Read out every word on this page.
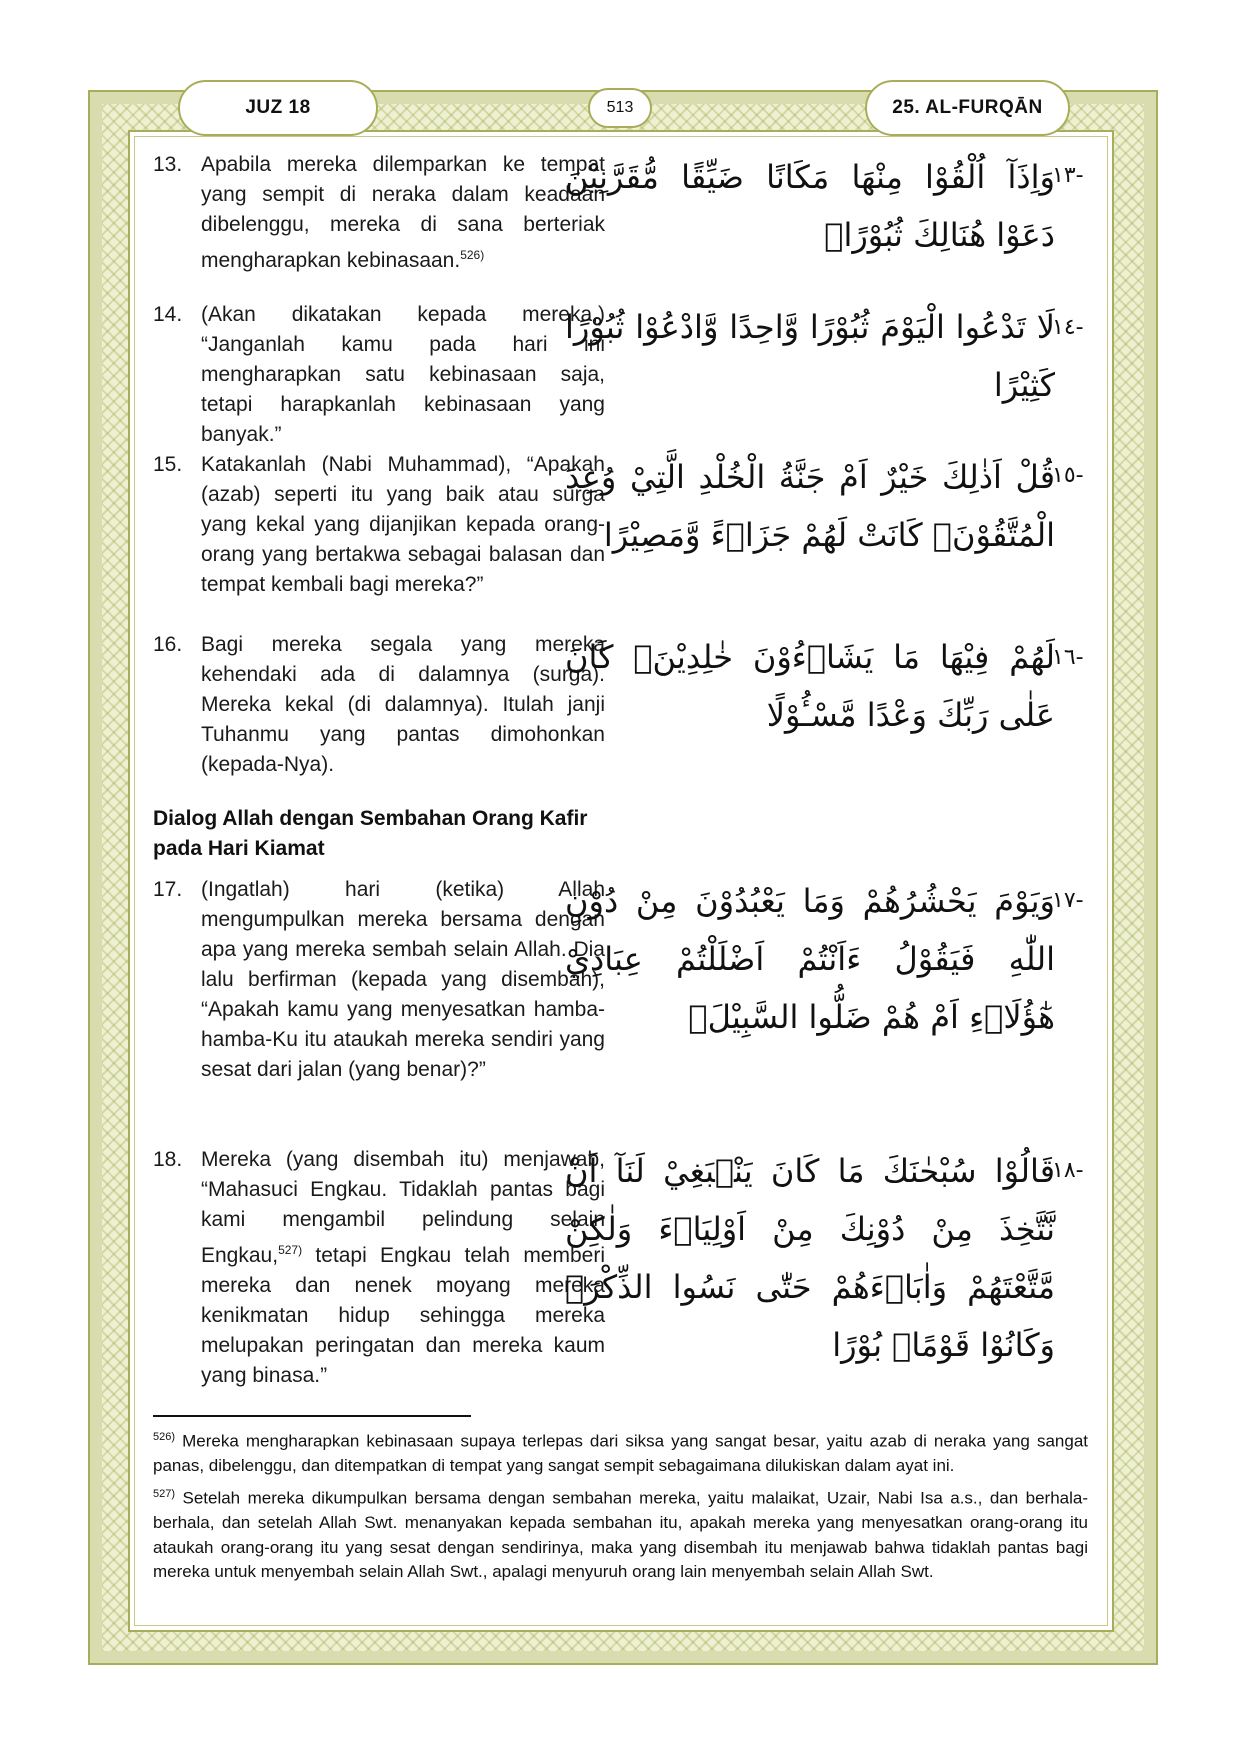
JUZ 18	513	25. AL-FURQĀN
13. Apabila mereka dilemparkan ke tempat yang sempit di neraka dalam keadaan dibelenggu, mereka di sana berteriak mengharapkan kebinasaan.$^{526)}$
-١٣
وَاِذَآ اُلْقُوْا مِنْهَا مَكَانًا ضَيِّقًا مُّقَرَّنِيْنَ دَعَوْا هُنَالِكَ ثُبُوْرًاۗ
14. (Akan dikatakan kepada mereka,) “Janganlah kamu pada hari ini mengharapkan satu kebinasaan saja, tetapi harapkanlah kebinasaan yang banyak.”
-١٤
لَا تَدْعُوا الْيَوْمَ ثُبُوْرًا وَّاحِدًا وَّادْعُوْا ثُبُوْرًا كَثِيْرًا
15. Katakanlah (Nabi Muhammad), “Apakah (azab) seperti itu yang baik atau surga yang kekal yang dijanjikan kepada orang-orang yang bertakwa sebagai balasan dan tempat kembali bagi mereka?”
-١٥
قُلْ اَذٰلِكَ خَيْرٌ اَمْ جَنَّةُ الْخُلْدِ الَّتِيْ وُعِدَ الْمُتَّقُوْنَۗ كَانَتْ لَهُمْ جَزَاۤءً وَّمَصِيْرًا
16. Bagi mereka segala yang mereka kehendaki ada di dalamnya (surga). Mereka kekal (di dalamnya). Itulah janji Tuhanmu yang pantas dimohonkan (kepada-Nya).
-١٦
لَهُمْ فِيْهَا مَا يَشَاۤءُوْنَ خٰلِدِيْنَۗ كَانَ عَلٰى رَبِّكَ وَعْدًا مَّسْـُٔوْلًا
Dialog Allah dengan Sembahan Orang Kafir pada Hari Kiamat
17. (Ingatlah) hari (ketika) Allah mengumpulkan mereka bersama dengan apa yang mereka sembah selain Allah. Dia lalu berfirman (kepada yang disembah), “Apakah kamu yang menyesatkan hamba-hamba-Ku itu ataukah mereka sendiri yang sesat dari jalan (yang benar)?”
-١٧
وَيَوْمَ يَحْشُرُهُمْ وَمَا يَعْبُدُوْنَ مِنْ دُوْنِ اللّٰهِ فَيَقُوْلُ ءَاَنْتُمْ اَضْلَلْتُمْ عِبَادِيْ هٰٓؤُلَاۤءِ اَمْ هُمْ ضَلُّوا السَّبِيْلَۗ
18. Mereka (yang disembah itu) menjawab, “Mahasuci Engkau. Tidaklah pantas bagi kami mengambil pelindung selain Engkau,$^{527)}$ tetapi Engkau telah memberi mereka dan nenek moyang mereka kenikmatan hidup sehingga mereka melupakan peringatan dan mereka kaum yang binasa.”
-١٨
قَالُوْا سُبْحٰنَكَ مَا كَانَ يَنْۢبَغِيْ لَنَآ اَنْ نَّتَّخِذَ مِنْ دُوْنِكَ مِنْ اَوْلِيَاۤءَ وَلٰكِنْ مَّتَّعْتَهُمْ وَاٰبَاۤءَهُمْ حَتّٰى نَسُوا الذِّكْرَۚ وَكَانُوْا قَوْمًاۢ بُوْرًا
$^{526)}$ Mereka mengharapkan kebinasaan supaya terlepas dari siksa yang sangat besar, yaitu azab di neraka yang sangat panas, dibelenggu, dan ditempatkan di tempat yang sangat sempit sebagaimana dilukiskan dalam ayat ini.
$^{527)}$ Setelah mereka dikumpulkan bersama dengan sembahan mereka, yaitu malaikat, Uzair, Nabi Isa a.s., dan berhala-berhala, dan setelah Allah Swt. menanyakan kepada sembahan itu, apakah mereka yang menyesatkan orang-orang itu ataukah orang-orang itu yang sesat dengan sendirinya, maka yang disembah itu menjawab bahwa tidaklah pantas bagi mereka untuk menyembah selain Allah Swt., apalagi menyuruh orang lain menyembah selain Allah Swt.
